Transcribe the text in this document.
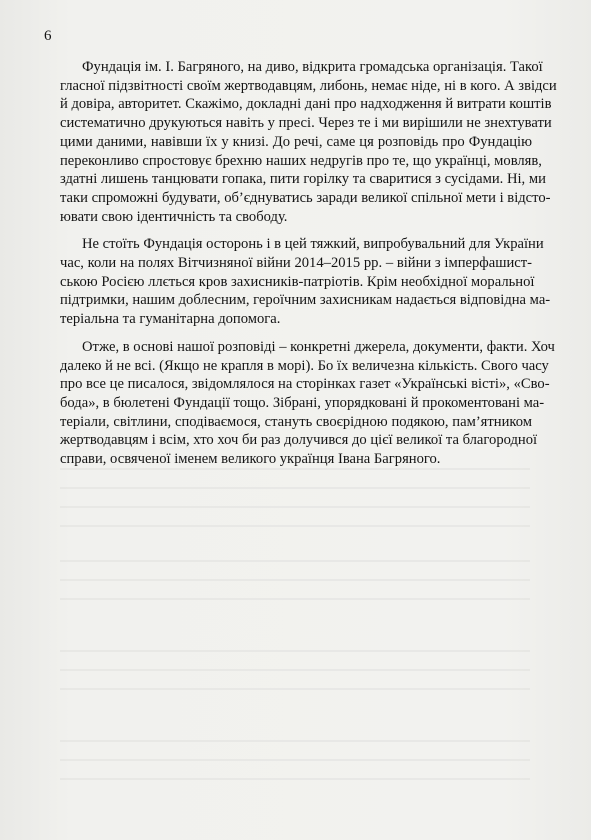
6

Фундація ім. І. Багряного, на диво, відкрита громадська організація. Такої
гласної підзвітності своїм жертводавцям, либонь, немає ніде, ні в кого. А звідси
й довіра, авторитет. Скажімо, докладні дані про надходження й витрати коштів
систематично друкуються навіть у пресі. Через те і ми вирішили не знехтувати
цими даними, навівши їх у книзі. До речі, саме ця розповідь про Фундацію
переконливо спростовує брехню наших недругів про те, що українці, мовляв,
здатні лишень танцювати гопака, пити горілку та сваритися з сусідами. Ні, ми
таки спроможні будувати, об’єднуватись заради великої спільної мети і відсто-
ювати свою ідентичність та свободу.

Не стоїть Фундація осторонь і в цей тяжкий, випробувальний для України
час, коли на полях Вітчизняної війни 2014–2015 рр. – війни з імперфашист-
ською Росією ллється кров захисників-патріотів. Крім необхідної моральної
підтримки, нашим доблесним, героїчним захисникам надається відповідна ма-
теріальна та гуманітарна допомога.

Отже, в основі нашої розповіді – конкретні джерела, документи, факти. Хоч
далеко й не всі. (Якщо не крапля в морі). Бо їх величезна кількість. Свого часу
про все це писалося, звідомлялося на сторінках газет «Українські вісті», «Сво-
бода», в бюлетені Фундації тощо. Зібрані, упорядковані й прокоментовані ма-
теріали, світлини, сподіваємося, стануть своєрідною подякою, пам’ятником
жертводавцям і всім, хто хоч би раз долучився до цієї великої та благородної
справи, освяченої іменем великого українця Івана Багряного.
